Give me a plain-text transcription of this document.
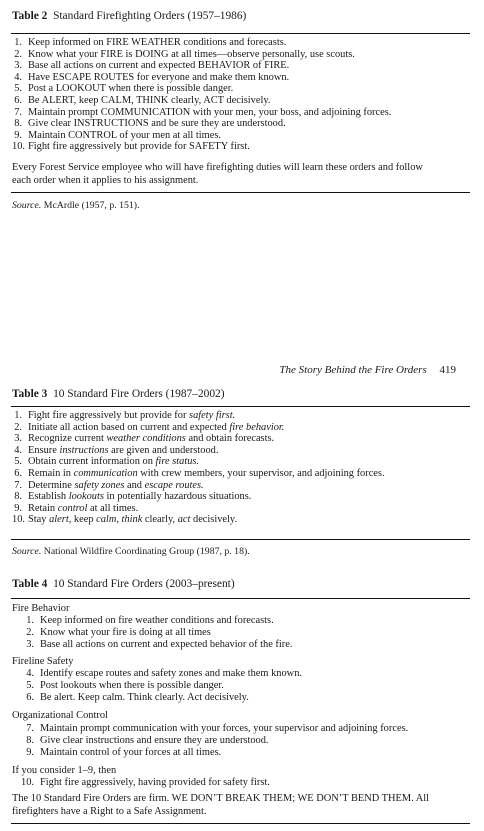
Table 2 Standard Firefighting Orders (1957–1986)
1. Keep informed on FIRE WEATHER conditions and forecasts.
2. Know what your FIRE is DOING at all times—observe personally, use scouts.
3. Base all actions on current and expected BEHAVIOR of FIRE.
4. Have ESCAPE ROUTES for everyone and make them known.
5. Post a LOOKOUT when there is possible danger.
6. Be ALERT, keep CALM, THINK clearly, ACT decisively.
7. Maintain prompt COMMUNICATION with your men, your boss, and adjoining forces.
8. Give clear INSTRUCTIONS and be sure they are understood.
9. Maintain CONTROL of your men at all times.
10. Fight fire aggressively but provide for SAFETY first.
Every Forest Service employee who will have firefighting duties will learn these orders and follow
each order when it applies to his assignment.
Source. McArdle (1957, p. 151).
The Story Behind the Fire Orders 419
Table 3 10 Standard Fire Orders (1987–2002)
1. Fight fire aggressively but provide for safety first.
2. Initiate all action based on current and expected fire behavior.
3. Recognize current weather conditions and obtain forecasts.
4. Ensure instructions are given and understood.
5. Obtain current information on fire status.
6. Remain in communication with crew members, your supervisor, and adjoining forces.
7. Determine safety zones and escape routes.
8. Establish lookouts in potentially hazardous situations.
9. Retain control at all times.
10. Stay alert, keep calm, think clearly, act decisively.
Source. National Wildfire Coordinating Group (1987, p. 18).
Table 4 10 Standard Fire Orders (2003–present)
Fire Behavior
1. Keep informed on fire weather conditions and forecasts.
2. Know what your fire is doing at all times
3. Base all actions on current and expected behavior of the fire.
Fireline Safety
4. Identify escape routes and safety zones and make them known.
5. Post lookouts when there is possible danger.
6. Be alert. Keep calm. Think clearly. Act decisively.
Organizational Control
7. Maintain prompt communication with your forces, your supervisor and adjoining forces.
8. Give clear instructions and ensure they are understood.
9. Maintain control of your forces at all times.
If you consider 1–9, then
10. Fight fire aggressively, having provided for safety first.
The 10 Standard Fire Orders are firm. WE DON’T BREAK THEM; WE DON’T BEND THEM. All
firefighters have a Right to a Safe Assignment.
